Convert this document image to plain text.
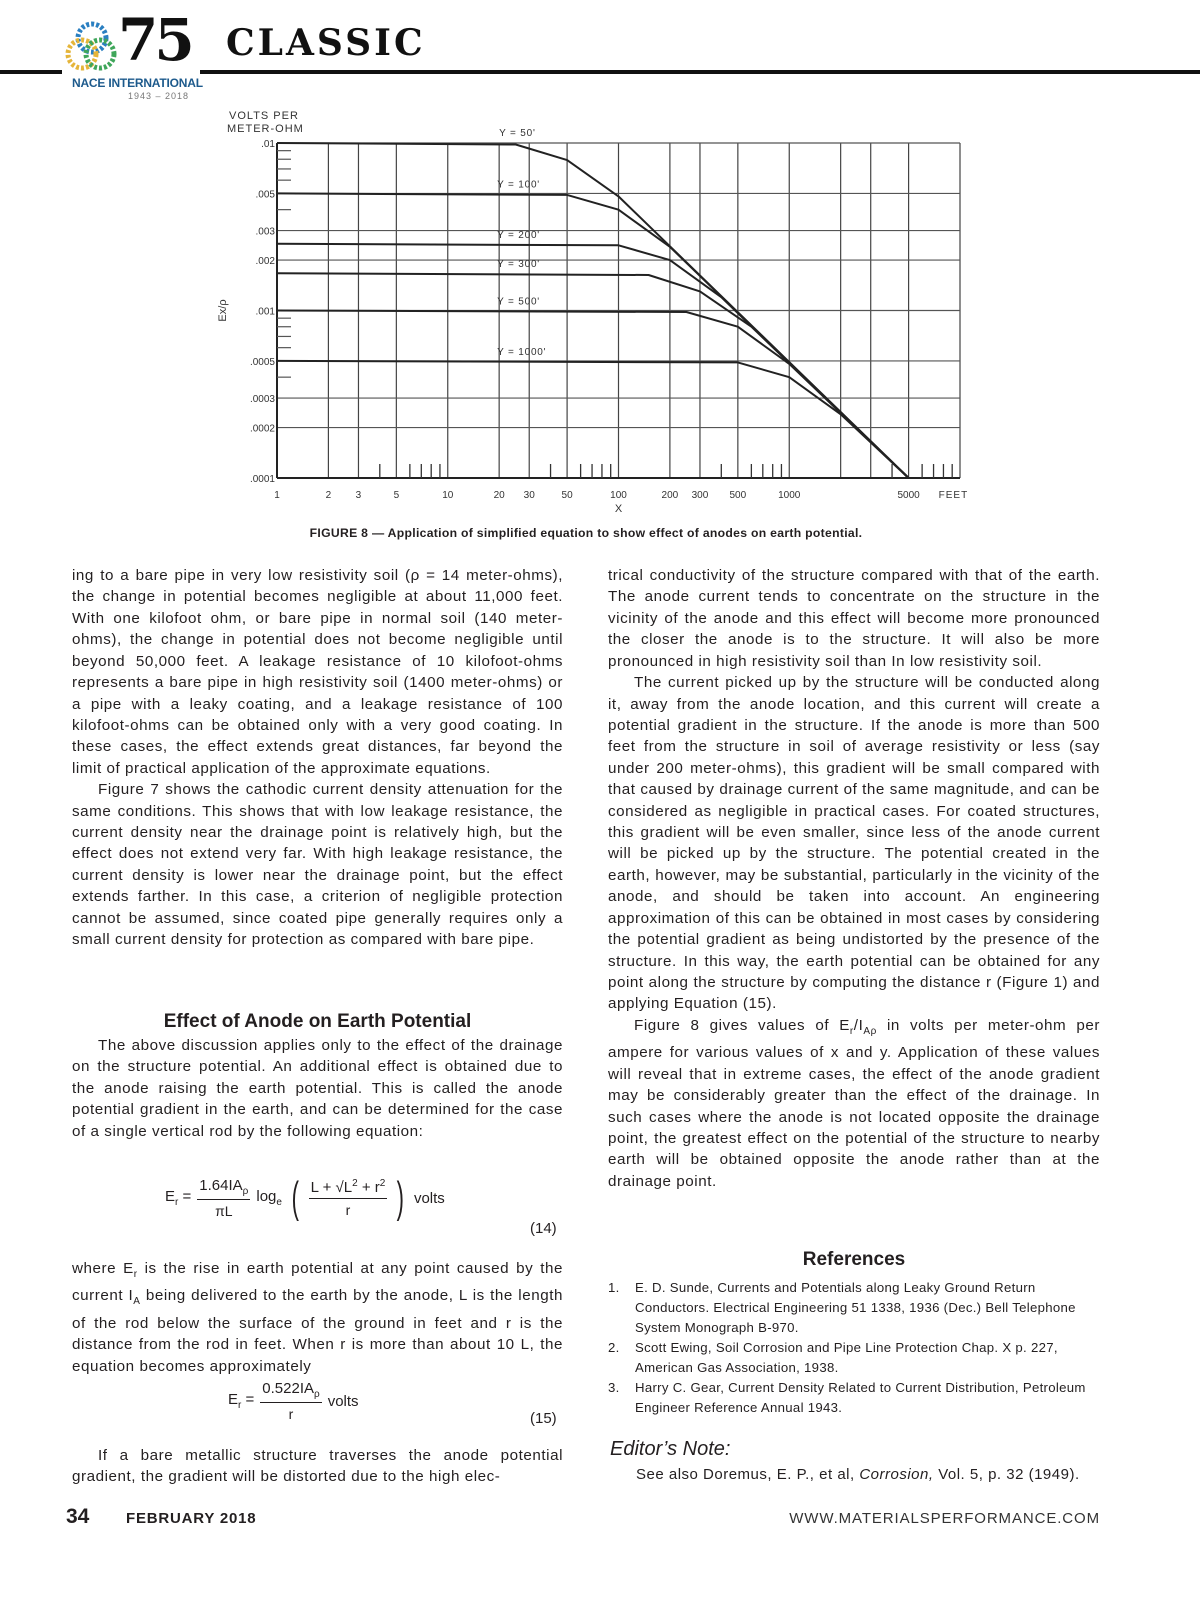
75
NACE INTERNATIONAL
1943 – 2018
CLASSIC
1	2 3	5	10	20 30	50	100	200 300 500	1000	5000
.01
.005
.003
.002
.001
.0005
.0003
.0002
.0001
FEET
X
VOLTS PER
METER-OHM
Ex/ρ
Y = 50'
Y = 100'
Y = 200'
Y = 300'
Y = 500'
Y = 1000'
FIGURE 8 — Application of simplified equation to show effect of anodes on earth potential.

ing to a bare pipe in very low resistivity soil (ρ = 14 meter-ohms), the change in potential becomes negligible at about 11,000 feet. With one kilofoot ohm, or bare pipe in normal soil (140 meter-ohms), the change in potential does not become negligible until beyond 50,000 feet. A leakage resistance of 10 kilofoot-ohms represents a bare pipe in high resistivity soil (1400 meter-ohms) or a pipe with a leaky coating, and a leakage resistance of 100 kilofoot-ohms can be obtained only with a very good coating. In these cases, the effect extends great distances, far beyond the limit of practical application of the approximate equations.

Figure 7 shows the cathodic current density attenuation for the same conditions. This shows that with low leakage resistance, the current density near the drainage point is relatively high, but the effect does not extend very far. With high leakage resistance, the current density is lower near the drainage point, but the effect extends farther. In this case, a criterion of negligible protection cannot be assumed, since coated pipe generally requires only a small current density for protection as compared with bare pipe.

Effect of Anode on Earth Potential

The above discussion applies only to the effect of the drainage on the structure potential. An additional effect is obtained due to the anode raising the earth potential. This is called the anode potential gradient in the earth, and can be determined for the case of a single vertical rod by the following equation:

$E_r = \frac{1.64IA_\rho}{\pi L} \log_e$ ( $\frac{L + √L^2 + r^2}{r}$ ) volts
(14)

where $E_r$ is the rise in earth potential at any point caused by the current $I_A$ being delivered to the earth by the anode, L is the length of the rod below the surface of the ground in feet and r is the distance from the rod in feet. When r is more than about 10 L, the equation becomes approximately

$E_r = \frac{0.522IA_\rho}{r}$ volts
(15)

If a bare metallic structure traverses the anode potential gradient, the gradient will be distorted due to the high elec-

trical conductivity of the structure compared with that of the earth. The anode current tends to concentrate on the structure in the vicinity of the anode and this effect will become more pronounced the closer the anode is to the structure. It will also be more pronounced in high resistivity soil than In low resistivity soil.

The current picked up by the structure will be conducted along it, away from the anode location, and this current will create a potential gradient in the structure. If the anode is more than 500 feet from the structure in soil of average resistivity or less (say under 200 meter-ohms), this gradient will be small compared with that caused by drainage current of the same magnitude, and can be considered as negligible in practical cases. For coated structures, this gradient will be even smaller, since less of the anode current will be picked up by the structure. The potential created in the earth, however, may be substantial, particularly in the vicinity of the anode, and should be taken into account. An engineering approximation of this can be obtained in most cases by considering the potential gradient as being undistorted by the presence of the structure. In this way, the earth potential can be obtained for any point along the structure by computing the distance r (Figure 1) and applying Equation (15).

Figure 8 gives values of $E_r/I_{A\rho}$ in volts per meter-ohm per ampere for various values of x and y. Application of these values will reveal that in extreme cases, the effect of the anode gradient may be considerably greater than the effect of the drainage. In such cases where the anode is not located opposite the drainage point, the greatest effect on the potential of the structure to nearby earth will be obtained opposite the anode rather than at the drainage point.

References
1.	E. D. Sunde, Currents and Potentials along Leaky Ground Return Conductors. Electrical Engineering 51 1338, 1936 (Dec.) Bell Telephone System Monograph B-970.
2.	Scott Ewing, Soil Corrosion and Pipe Line Protection Chap. X p. 227, American Gas Association, 1938.
3.	Harry C. Gear, Current Density Related to Current Distribution, Petroleum Engineer Reference Annual 1943.
Editor’s Note:
See also Doremus, E. P., et al, Corrosion, Vol. 5, p. 32 (1949).
34 FEBRUARY 2018	WWW.MATERIALSPERFORMANCE.COM
